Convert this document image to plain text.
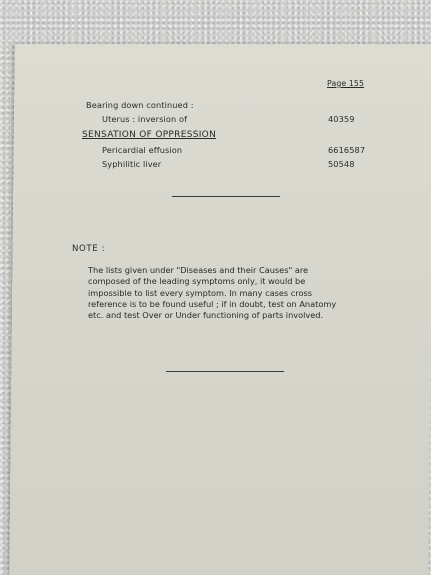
Page 155
Bearing down continued :
Uterus : inversion of	40359
SENSATION OF OPPRESSION
Pericardial effusion	6616587
Syphilitic liver	50548
NOTE :
The lists given under "Diseases and their Causes" are composed of the leading symptoms only, it would be impossible to list every symptom. In many cases cross reference is to be found useful ; if in doubt, test on Anatomy etc. and test Over or Under functioning of parts involved.
